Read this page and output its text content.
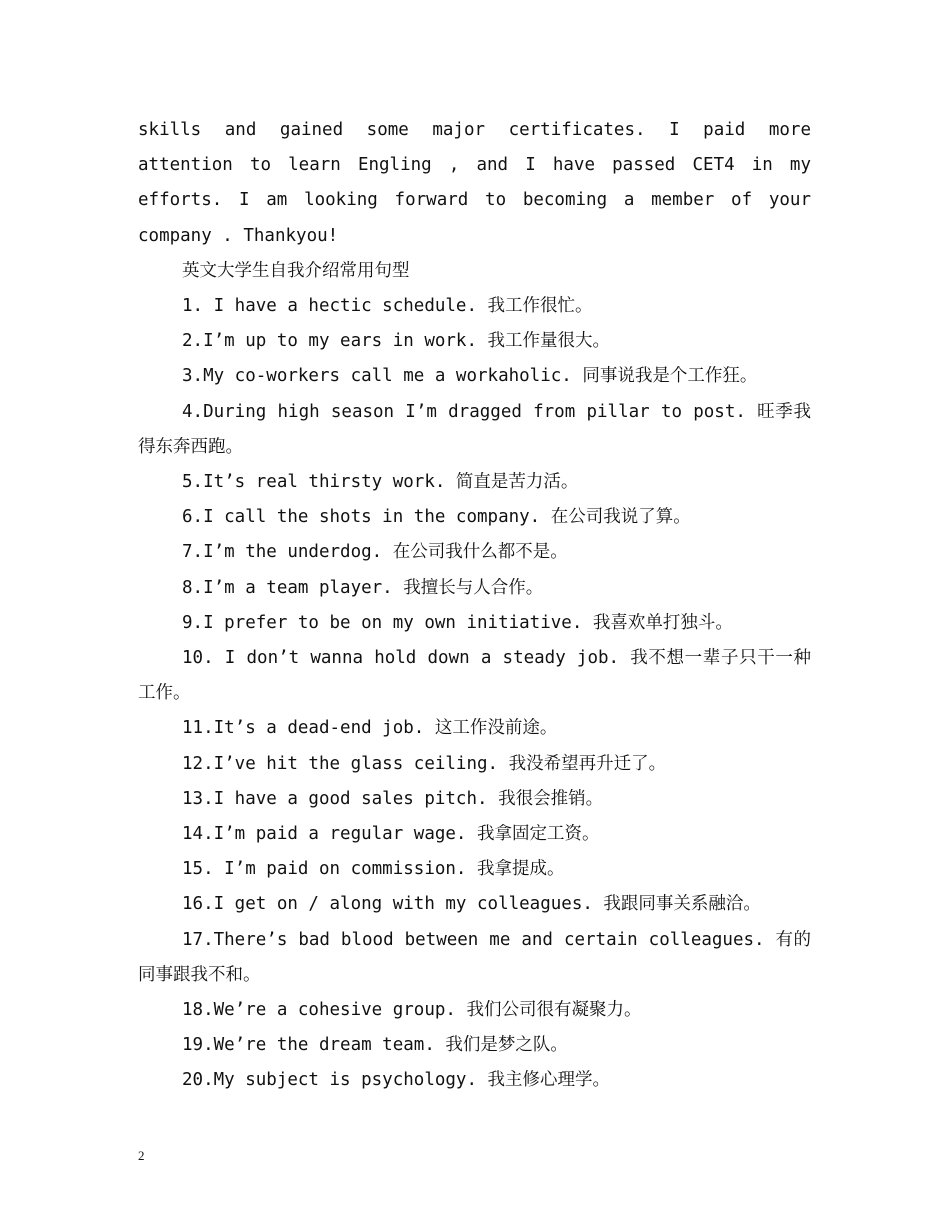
skills and gained some major certificates. I paid more

attention to learn Engling , and I have passed CET4 in my

efforts. I am looking forward to becoming a member of your

company . Thankyou!

英文大学生自我介绍常用句型

1. I have a hectic schedule. 我工作很忙。

2.I’m up to my ears in work. 我工作量很大。

3.My co-workers call me a workaholic. 同事说我是个工作狂。

4.During high season I’m dragged from pillar to post. 旺季我得东奔西跑。

5.It’s real thirsty work. 简直是苦力活。

6.I call the shots in the company. 在公司我说了算。

7.I’m the underdog. 在公司我什么都不是。

8.I’m a team player. 我擅长与人合作。

9.I prefer to be on my own initiative. 我喜欢单打独斗。

10. I don’t wanna hold down a steady job. 我不想一辈子只干一种工作。

11.It’s a dead-end job. 这工作没前途。

12.I’ve hit the glass ceiling. 我没希望再升迁了。

13.I have a good sales pitch. 我很会推销。

14.I’m paid a regular wage. 我拿固定工资。

15. I’m paid on commission. 我拿提成。

16.I get on / along with my colleagues. 我跟同事关系融洽。

17.There’s bad blood between me and certain colleagues. 有的同事跟我不和。

18.We’re a cohesive group. 我们公司很有凝聚力。

19.We’re the dream team. 我们是梦之队。

20.My subject is psychology. 我主修心理学。

2
